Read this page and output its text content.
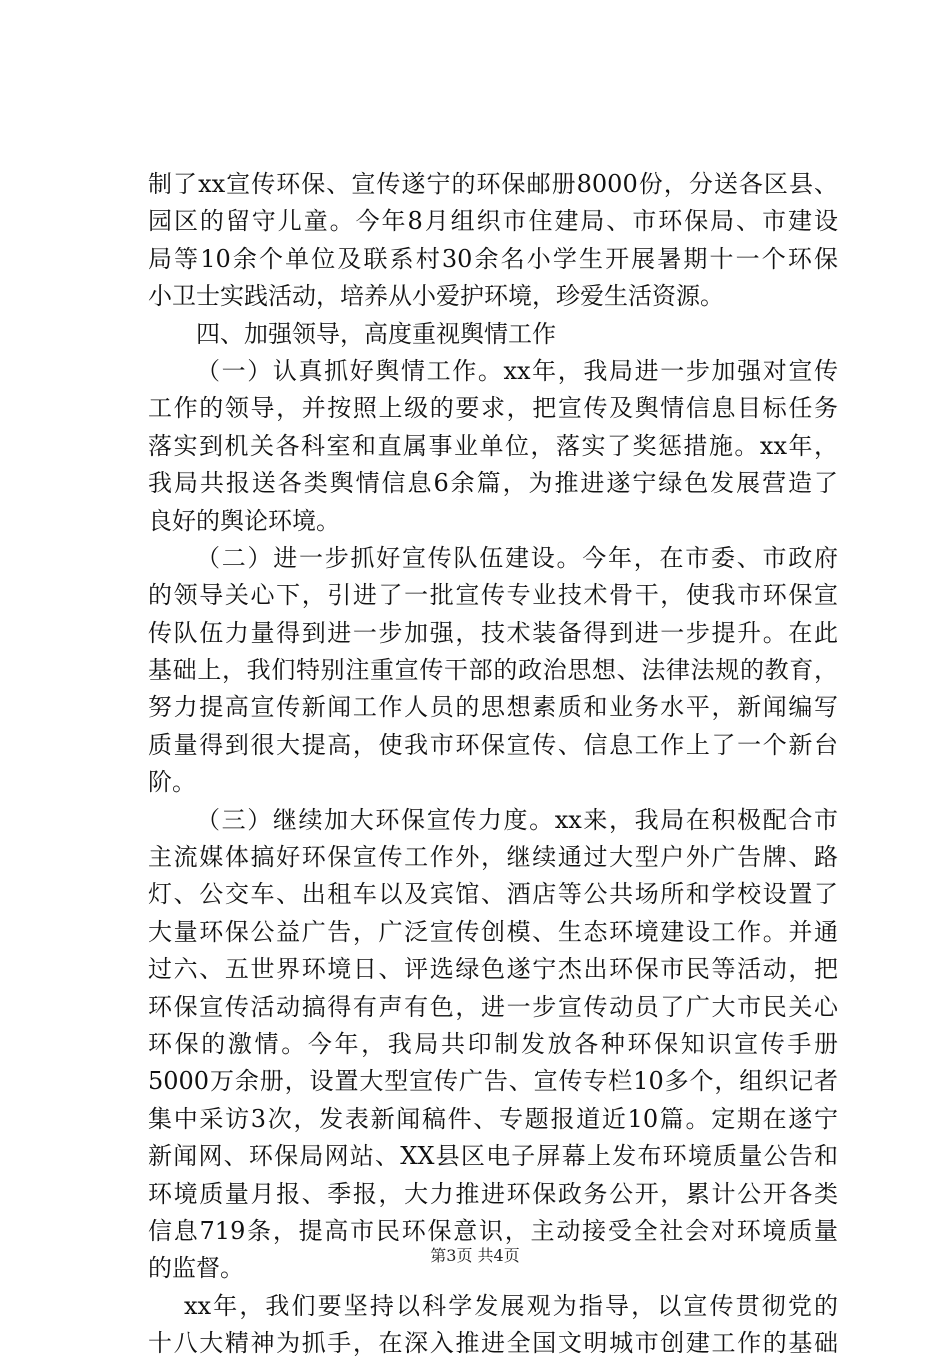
制了xx宣传环保、宣传遂宁的环保邮册8000份，分送各区县、
园区的留守儿童。今年8月组织市住建局、市环保局、市建设
局等10余个单位及联系村30余名小学生开展暑期十一个环保
小卫士实践活动，培养从小爱护环境，珍爱生活资源。
四、加强领导，高度重视舆情工作
（一）认真抓好舆情工作。xx年，我局进一步加强对宣传
工作的领导，并按照上级的要求，把宣传及舆情信息目标任务
落实到机关各科室和直属事业单位，落实了奖惩措施。xx年，
我局共报送各类舆情信息6余篇，为推进遂宁绿色发展营造了
良好的舆论环境。
（二）进一步抓好宣传队伍建设。今年，在市委、市政府
的领导关心下，引进了一批宣传专业技术骨干，使我市环保宣
传队伍力量得到进一步加强，技术装备得到进一步提升。在此
基础上，我们特别注重宣传干部的政治思想、法律法规的教育，
努力提高宣传新闻工作人员的思想素质和业务水平，新闻编写
质量得到很大提高，使我市环保宣传、信息工作上了一个新台
阶。
（三）继续加大环保宣传力度。xx来，我局在积极配合市
主流媒体搞好环保宣传工作外，继续通过大型户外广告牌、路
灯、公交车、出租车以及宾馆、酒店等公共场所和学校设置了
大量环保公益广告，广泛宣传创模、生态环境建设工作。并通
过六、五世界环境日、评选绿色遂宁杰出环保市民等活动，把
环保宣传活动搞得有声有色，进一步宣传动员了广大市民关心
环保的激情。今年，我局共印制发放各种环保知识宣传手册
5000万余册，设置大型宣传广告、宣传专栏10多个，组织记者
集中采访3次，发表新闻稿件、专题报道近10篇。定期在遂宁
新闻网、环保局网站、XX县区电子屏幕上发布环境质量公告和
环境质量月报、季报，大力推进环保政务公开，累计公开各类
信息719条，提高市民环保意识，主动接受全社会对环境质量
的监督。
xx年，我们要坚持以科学发展观为指导，以宣传贯彻党的
十八大精神为抓手，在深入推进全国文明城市创建工作的基础
第3页 共4页
